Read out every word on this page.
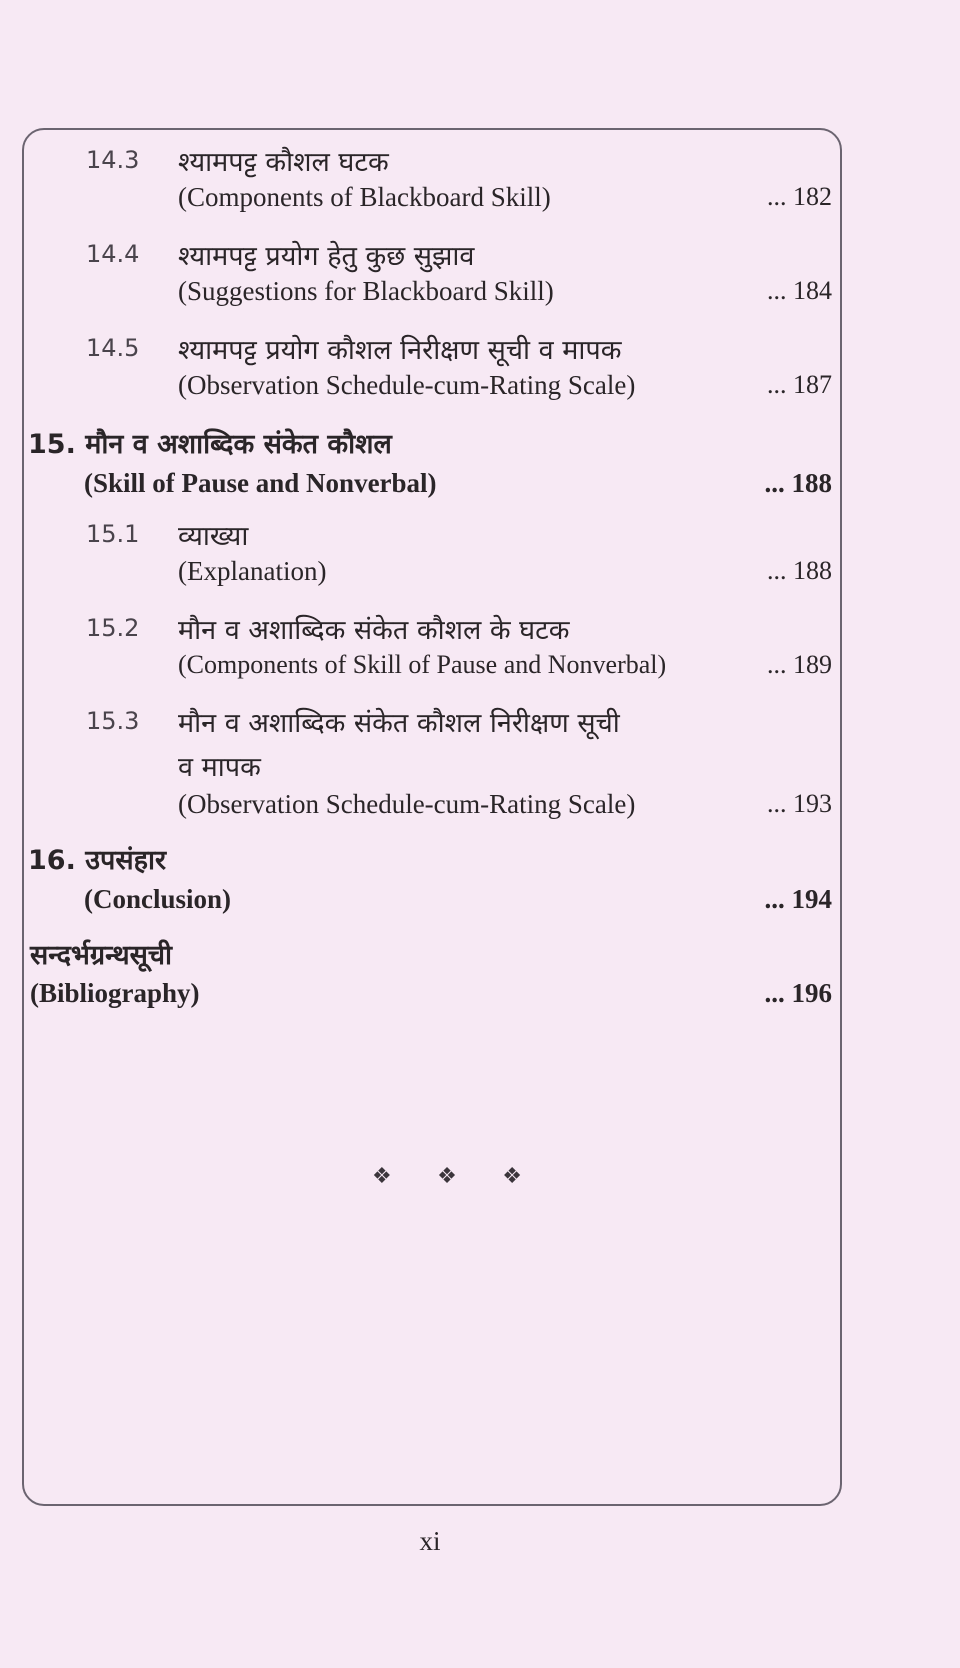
14.3 श्यामपट्ट कौशल घटक
(Components of Blackboard Skill)	... 182
14.4 श्यामपट्ट प्रयोग हेतु कुछ सुझाव
(Suggestions for Blackboard Skill)	... 184
14.5 श्यामपट्ट प्रयोग कौशल निरीक्षण सूची व मापक
(Observation Schedule-cum-Rating Scale)	... 187
15. मौन व अशाब्दिक संकेत कौशल
(Skill of Pause and Nonverbal)	... 188
15.1 व्याख्या
(Explanation)	... 188
15.2 मौन व अशाब्दिक संकेत कौशल के घटक
(Components of Skill of Pause and Nonverbal)	... 189
15.3 मौन व अशाब्दिक संकेत कौशल निरीक्षण सूची
व मापक
(Observation Schedule-cum-Rating Scale)	... 193
16. उपसंहार
(Conclusion)	... 194
सन्दर्भग्रन्थसूची
(Bibliography)	... 196
❖ ❖ ❖
xi
